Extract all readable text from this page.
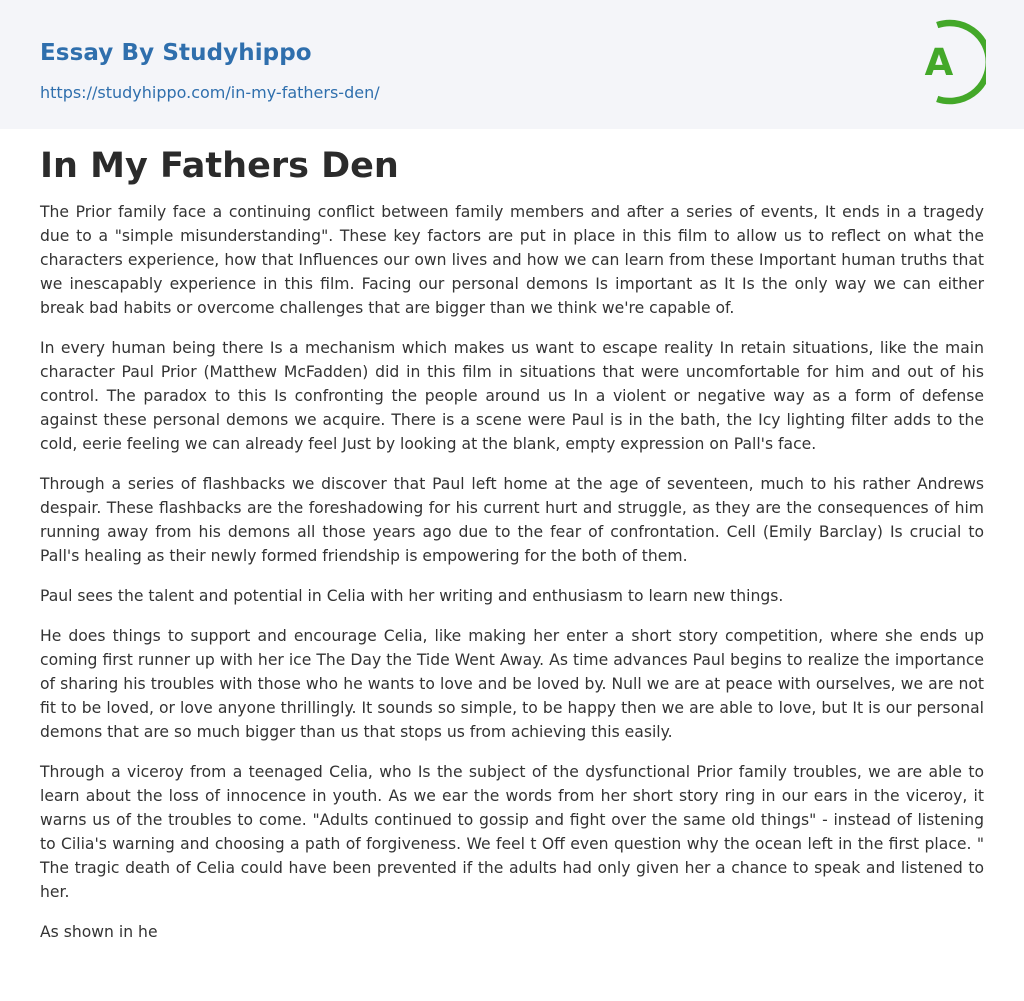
Essay By Studyhippo
https://studyhippo.com/in-my-fathers-den/
A
In My Fathers Den

The Prior family face a continuing conflict between family members and after a series of events, It ends in a tragedy due to a "simple misunderstanding". These key factors are put in place in this film to allow us to reflect on what the characters experience, how that Influences our own lives and how we can learn from these Important human truths that we inescapably experience in this film. Facing our personal demons Is important as It Is the only way we can either break bad habits or overcome challenges that are bigger than we think we're capable of.

In every human being there Is a mechanism which makes us want to escape reality In retain situations, like the main character Paul Prior (Matthew McFadden) did in this film in situations that were uncomfortable for him and out of his control. The paradox to this Is confronting the people around us In a violent or negative way as a form of defense against these personal demons we acquire. There is a scene were Paul is in the bath, the Icy lighting filter adds to the cold, eerie feeling we can already feel Just by looking at the blank, empty expression on Pall's face.

Through a series of flashbacks we discover that Paul left home at the age of seventeen, much to his rather Andrews despair. These flashbacks are the foreshadowing for his current hurt and struggle, as they are the consequences of him running away from his demons all those years ago due to the fear of confrontation. Cell (Emily Barclay) Is crucial to Pall's healing as their newly formed friendship is empowering for the both of them.

Paul sees the talent and potential in Celia with her writing and enthusiasm to learn new things.

He does things to support and encourage Celia, like making her enter a short story competition, where she ends up coming first runner up with her ice The Day the Tide Went Away. As time advances Paul begins to realize the importance of sharing his troubles with those who he wants to love and be loved by. Null we are at peace with ourselves, we are not fit to be loved, or love anyone thrillingly. It sounds so simple, to be happy then we are able to love, but It is our personal demons that are so much bigger than us that stops us from achieving this easily.

Through a viceroy from a teenaged Celia, who Is the subject of the dysfunctional Prior family troubles, we are able to learn about the loss of innocence in youth. As we ear the words from her short story ring in our ears in the viceroy, it warns us of the troubles to come. "Adults continued to gossip and fight over the same old things" - instead of listening to Cilia's warning and choosing a path of forgiveness. We feel t Off even question why the ocean left in the first place. " The tragic death of Celia could have been prevented if the adults had only given her a chance to speak and listened to her.

As shown in he
